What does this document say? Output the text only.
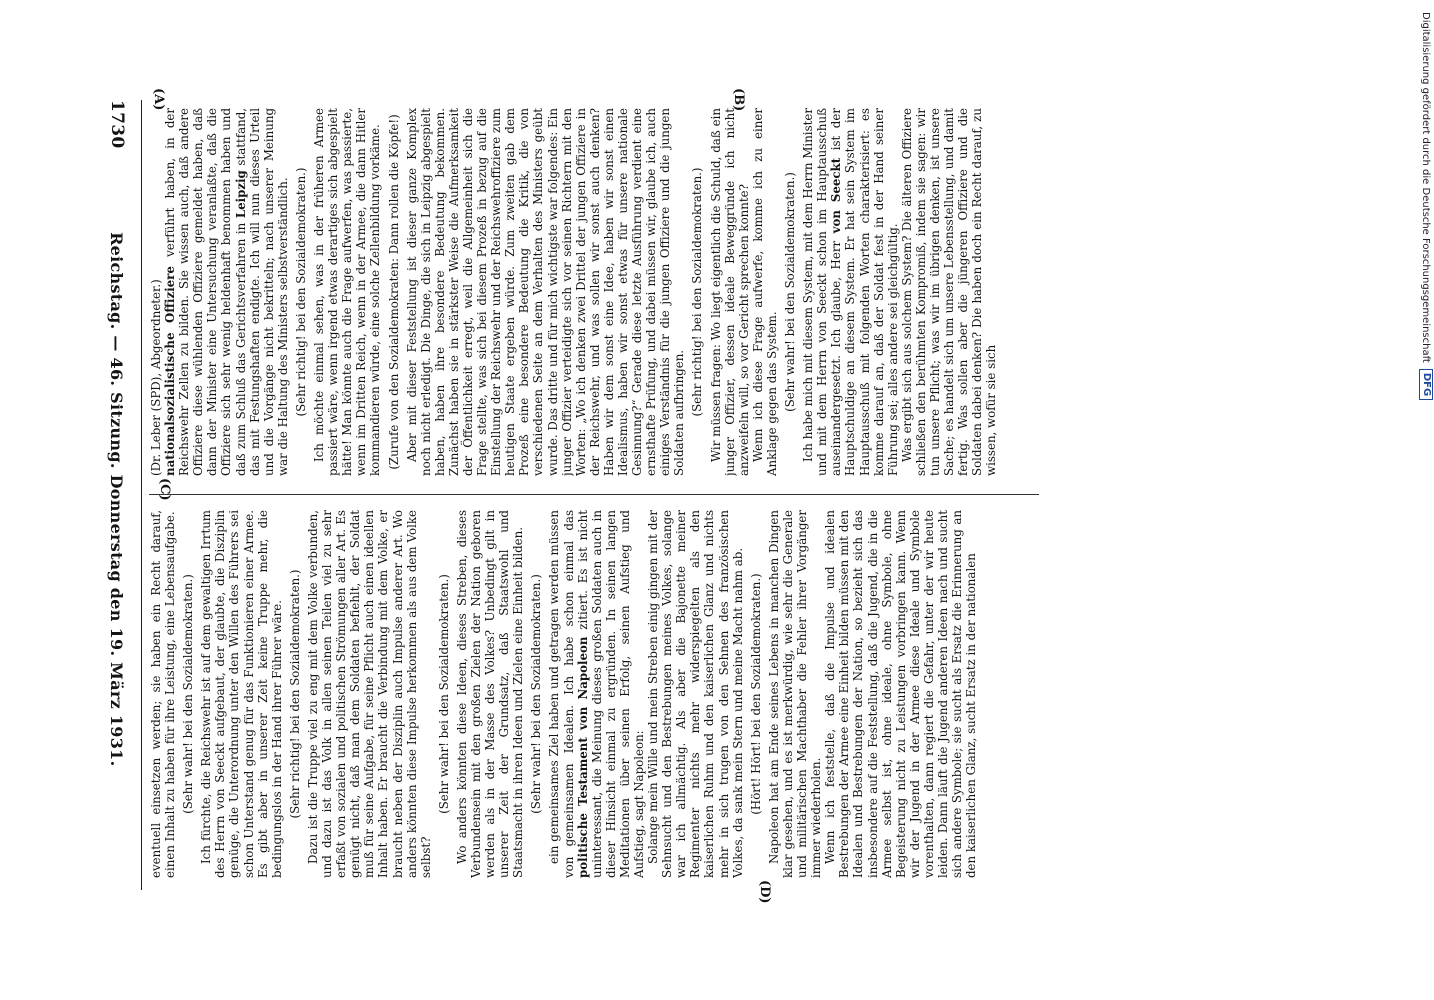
1730
Reichstag. — 46. Sitzung. Donnerstag den 19. März 1931.
(A)	(B)
(C)
(D)

(Dr. Leber (SPD), Abgeordneter.)
nationalsozialistische Offiziere verführt haben, in der Reichswehr Zellen zu bilden. Sie wissen auch, daß andere Offiziere diese wühlenden Offiziere gemeldet haben, daß dann der Minister eine Untersuchung veranlaßte, daß die Offiziere sich sehr wenig heldenhaft benommen haben und daß zum Schluß das Gerichtsverfahren in Leipzig stattfand, das mit Festungshaften endigte. Ich will nun dieses Urteil und die Vorgänge nicht bekritteln; nach unserer Meinung war die Haltung des Ministers selbstverständlich. (Sehr richtig! bei den Sozialdemokraten.) Ich möchte einmal sehen, was in der früheren Armee passiert wäre, wenn irgend etwas derartiges sich abgespielt hätte! Man könnte auch die Frage aufwerfen, was passierte, wenn im Dritten Reich, wenn in der Armee, die dann Hitler kommandieren würde, eine solche Zellenbildung vorkäme. (Zurufe von den Sozialdemokraten: Dann rollen die Köpfe!) Aber mit dieser Feststellung ist dieser ganze Komplex noch nicht erledigt. Die Dinge, die sich in Leipzig abgespielt haben, haben ihre besondere Bedeutung bekommen. Zunächst haben sie in stärkster Weise die Aufmerksamkeit der Öffentlichkeit erregt, weil die Allgemeinheit sich die Frage stellte, was sich bei diesem Prozeß in bezug auf die Einstellung der Reichswehr und der Reichswehroffiziere zum heutigen Staate ergeben würde. Zum zweiten gab dem Prozeß eine besondere Bedeutung die Kritik, die von verschiedenen Seite an dem Verhalten des Ministers geübt wurde. Das dritte und für mich wichtigste war folgendes: Ein junger Offizier verteidigte sich vor seinen Richtern mit den Worten: „Wo ich denken zwei Drittel der jungen Offiziere in der Reichswehr, und was sollen wir sonst auch denken? Haben wir dem sonst eine Idee, haben wir sonst einen Idealismus, haben wir sonst etwas für unsere nationale Gesinnung?“ Gerade diese letzte Ausführung verdient eine ernsthafte Prüfung, und dabei müssen wir, glaube ich, auch einiges Verständnis für die jungen Offiziere und die jungen Soldaten aufbringen. (Sehr richtig! bei den Sozialdemokraten.) Wir müssen fragen: Wo liegt eigentlich die Schuld, daß ein junger Offizier, dessen ideale Beweggründe ich nicht anzweifeln will, so vor Gericht sprechen konnte? Wenn ich diese Frage aufwerfe, komme ich zu einer Anklage gegen das System. (Sehr wahr! bei den Sozialdemokraten.) Ich habe mich mit diesem System, mit dem Herrn Minister und mit dem Herrn von Seeckt schon im Hauptausschuß auseinandergesetzt. Ich glaube, Herr von Seeckt ist der Hauptschuldige an diesem System. Er hat sein System im Hauptausschuß mit folgenden Worten charakterisiert: es komme darauf an, daß der Soldat fest in der Hand seiner Führung sei; alles andere sei gleichgültig. Was ergibt sich aus solchem System? Die älteren Offiziere schließen den berühmten Kompromiß, indem sie sagen: wir tun unsere Pflicht; was wir im übrigen denken, ist unsere Sache; es handelt sich um unsere Lebensstellung, und damit fertig. Was sollen aber die jüngeren Offiziere und die Soldaten dabei denken? Die haben doch ein Recht darauf, zu wissen, wofür sie sich

eventuell einsetzen werden; sie haben ein Recht darauf, einen Inhalt zu haben für ihre Leistung, eine Lebensaufgabe. (Sehr wahr! bei den Sozialdemokraten.) Ich fürchte, die Reichswehr ist auf dem gewaltigen Irrtum des Herrn von Seeckt aufgebaut, der glaubte, die Disziplin genüge, die Unterordnung unter den Willen des Führers sei schon Unterstand genug für das Funktionieren einer Armee. Es gibt aber in unserer Zeit keine Truppe mehr, die bedingungslos in der Hand ihrer Führer wäre. (Sehr richtig! bei den Sozialdemokraten.) Dazu ist die Truppe viel zu eng mit dem Volke verbunden, und dazu ist das Volk in allen seinen Teilen viel zu sehr erfaßt von sozialen und politischen Strömungen aller Art. Es genügt nicht, daß man dem Soldaten befiehlt, der Soldat muß für seine Aufgabe, für seine Pflicht auch einen ideellen Inhalt haben. Er braucht die Verbindung mit dem Volke, er braucht neben der Disziplin auch Impulse anderer Art. Wo anders könnten diese Impulse herkommen als aus dem Volke selbst?

(Sehr wahr! bei den Sozialdemokraten.) Wo anders könnten diese Ideen, dieses Streben, dieses Verbundensein mit den großen Zielen der Nation geboren werden als in der Masse des Volkes? Unbedingt gilt in unserer Zeit der Grundsatz, daß Staatswohl und Staatsmacht in ihren Ideen und Zielen eine Einheit bilden. (Sehr wahr! bei den Sozialdemokraten.) ein gemeinsames Ziel haben und getragen werden müssen von gemeinsamen Idealen. Ich habe schon einmal das politische Testament von Napoleon zitiert. Es ist nicht uninteressant, die Meinung dieses großen Soldaten auch in dieser Hinsicht einmal zu ergründen. In seinen langen Meditationen über seinen Erfolg, seinen Aufstieg und Aufstieg, sagt Napoleon: Solange mein Wille und mein Streben einig gingen mit der Sehnsucht und den Bestrebungen meines Volkes, solange war ich allmächtig. Als aber die Bajonette meiner Regimenter nichts mehr widerspiegelten als den kaiserlichen Ruhm und den kaiserlichen Glanz und nichts mehr in sich trugen von den Sehnen des französischen Volkes, da sank mein Stern und meine Macht nahm ab. (Hört! Hört! bei den Sozialdemokraten.) Napoleon hat am Ende seines Lebens in manchen Dingen klar gesehen, und es ist merkwürdig, wie sehr die Generale und militärischen Machthaber die Fehler ihrer Vorgänger immer wiederholen. Wenn ich feststelle, daß die Impulse und idealen Bestrebungen der Armee eine Einheit bilden müssen mit den Idealen und Bestrebungen der Nation, so bezieht sich das insbesondere auf die Feststellung, daß die Jugend, die in die Armee selbst ist, ohne ideale, ohne Symbole, ohne Begeisterung nicht zu Leistungen vorbringen kann. Wenn wir der Jugend in der Armee diese Ideale und Symbole vorenthalten, dann regiert die Gefahr, unter der wir heute leiden. Dann läuft die Jugend anderen Ideen nach und sucht sich andere Symbole; sie sucht als Ersatz die Erinnerung an den kaiserlichen Glanz, sucht Ersatz in der nationalen

Digitalisierung gefördert durch die Deutsche Forschungsgemeinschaft
DFG
